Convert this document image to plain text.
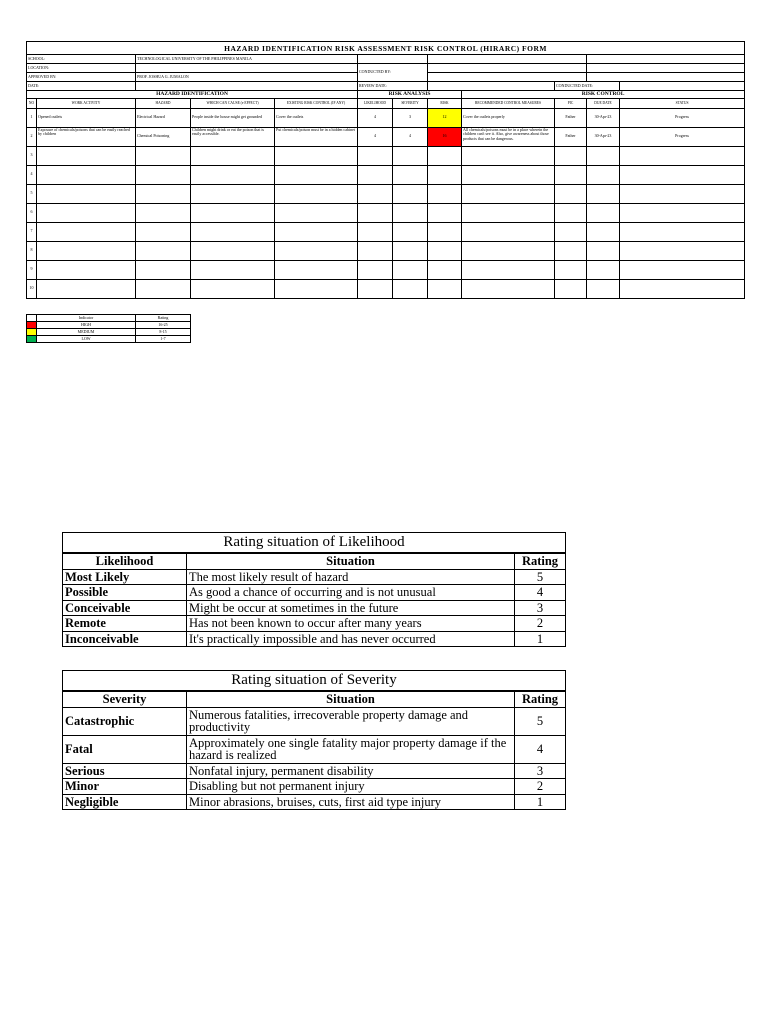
HAZARD IDENTIFICATION RISK ASSESSMENT RISK CONTROL (HIRARC) FORM											
SCHOOL:		TECHNOLOGICAL UNIVERSITY OF THE PHILIPPINES MANILA									
LOCATION:					CONDUCTED BY:						
APPROVED BY:		PROF. JOSHUA G. JUMALON									
DATE:					REVIEW DATE:				CONDUCTED DATE:		
HAZARD IDENTIFICATION					RISK ANALYSIS			RISK CONTROL			
NO	WORK ACTIVITY	HAZARD	WHICH CAN CAUSE (e EFFECT)	EXISTING RISK CONTROL (IF ANY)	LIKELIHOOD	SEVERITY	RISK	RECOMMENDED CONTROL MEASURES	PIC	DUE DATE	STATUS
1	Opened outlets	Electrical Hazard	People inside the house might get grounded	Cover the outlets	4	3	12	Cover the outlets properly	Father	30-Apr-23	Progress
2	Exposure of chemicals/poisons that can be easily reached by children	Chemical Poisoning	Children might drink or eat the poison that is easily accessible.	Put chemicals/poison must be in a hidden cabinet	4	4	16	All chemicals/poisons must be in a place wherein the children can't see it. Also, give awareness about those products that can be dangerous.	Father	30-Apr-23	Progress
3											
4											
5											
6											
7											
8											
9											
10											
	Indicator	Rating
	HIGH	16-25
	MEDIUM	8-15
	LOW	1-7
Rating situation of Likelihood		
Likelihood	Situation	Rating
Most Likely	The most likely result of hazard	5
Possible	As good a chance of occurring and is not unusual	4
Conceivable	Might be occur at sometimes in the future	3
Remote	Has not been known to occur after many years	2
Inconceivable	It's practically impossible and has never occurred	1
Rating situation of Severity		
Severity	Situation	Rating
Catastrophic	Numerous fatalities, irrecoverable property damage and productivity	5
Fatal	Approximately one single fatality major property damage if the hazard is realized	4
Serious	Nonfatal injury, permanent disability	3
Minor	Disabling but not permanent injury	2
Negligible	Minor abrasions, bruises, cuts, first aid type injury	1
